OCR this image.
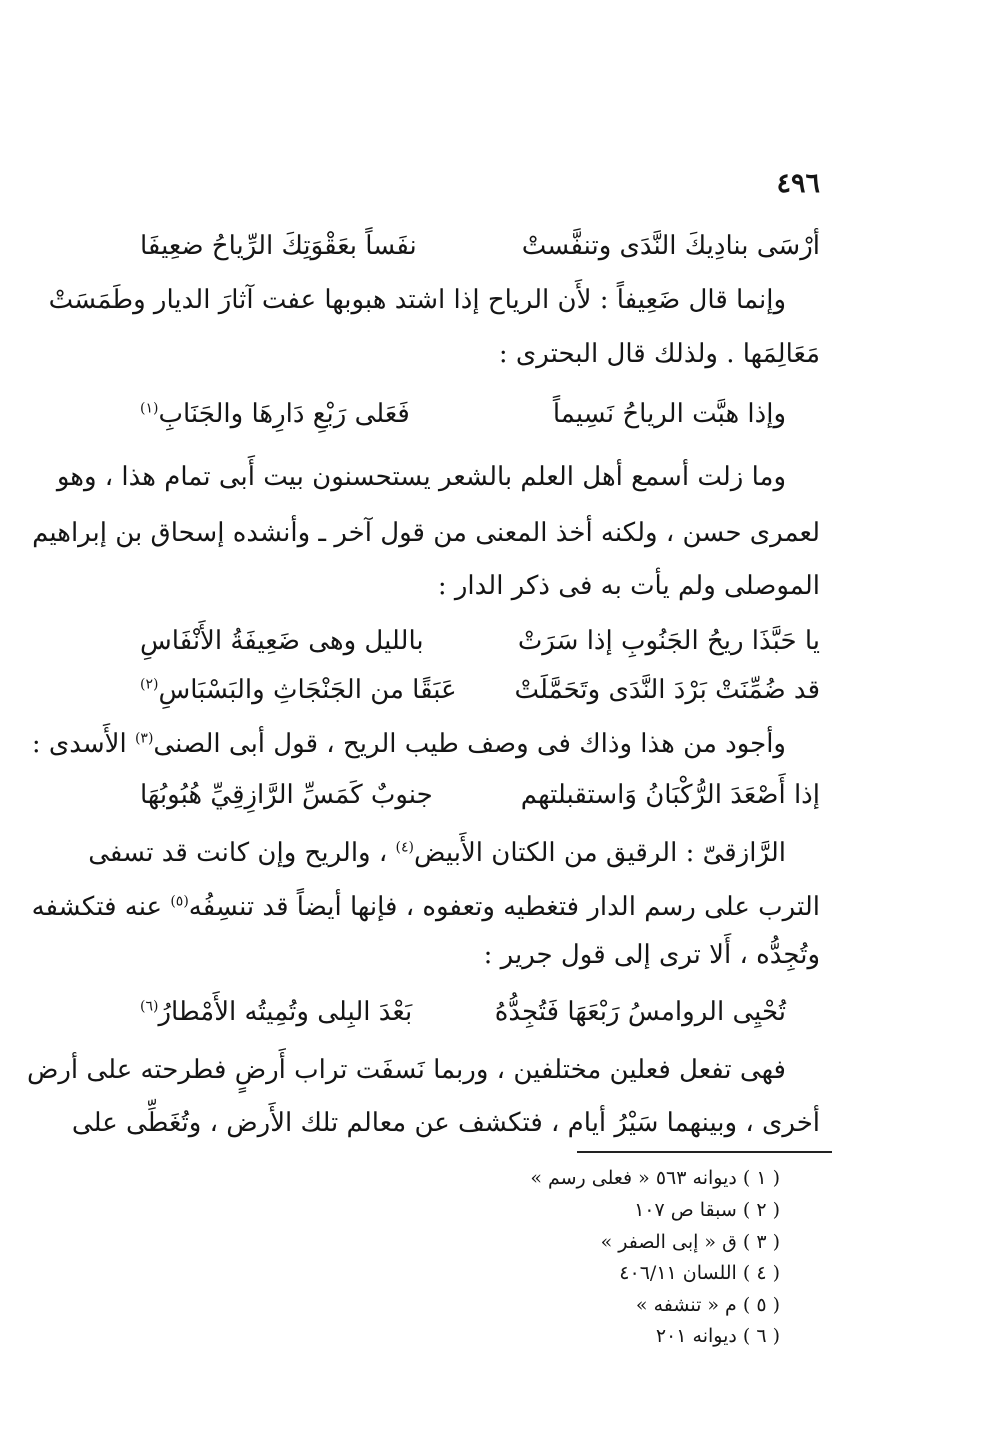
٤٩٦
أرْسَى بنادِيكَ النَّدَى وتنفَّستْ
نفَساً بعَقْوَتِكَ الرِّياحُ ضعِيفَا
وإنما قال ضَعِيفاً : لأَن الرياح إذا اشتد هبوبها عفت آثارَ الديار وطَمَسَتْ
مَعَالِمَها . ولذلك قال البحترى :
وإذا هبَّت الرياحُ نَسِيماً
فَعَلى رَبْعِ دَارِهَا والجَنَابِ$^{(١)}$
وما زلت أسمع أهل العلم بالشعر يستحسنون بيت أَبى تمام هذا ، وهو
لعمرى حسن ، ولكنه أخذ المعنى من قول آخر ـ وأنشده إسحاق بن إبراهيم
الموصلى ولم يأت به فى ذكر الدار :
يا حَبَّذَا ريحُ الجَنُوبِ إذا سَرَتْ
بالليل وهى ضَعِيفَةُ الأَنْفَاسِ
قد ضُمِّنَتْ بَرْدَ النَّدَى وتَحَمَّلَتْ
عَبَقًا من الجَنْجَاثِ والبَسْبَاسِ$^{(٢)}$
وأجود من هذا وذاك فى وصف طيب الريح ، قول أبى الصنى$^{(٣)}$ الأَسدى :
إذا أَصْعَدَ الرُّكْبَانُ وَاستقبلتهم
جنوبٌ كَمَسِّ الرَّازِقِيِّ هُبُوبُهَا
الرَّازقىّ : الرقيق من الكتان الأَبيض$^{(٤)}$ ، والريح وإن كانت قد تسفى
الترب على رسم الدار فتغطيه وتعفوه ، فإنها أيضاً قد تنسِفُه$^{(٥)}$ عنه فتكشفه
وتُجِدُّه ، أَلا ترى إلى قول جرير :
تُحْيِى الروامسُ رَبْعَهَا فَتُجِدُّهُ
بَعْدَ البِلى وتُمِيتُه الأَمْطارُ$^{(٦)}$
فهى تفعل فعلين مختلفين ، وربما نَسفَت تراب أَرضٍ فطرحته على أرض
أخرى ، وبينهما سَيْرُ أيام ، فتكشف عن معالم تلك الأَرض ، وتُغَطِّى على
( ١ ) ديوانه ٥٦٣ « فعلى رسم »
( ٢ ) سبقا ص ١٠٧
( ٣ ) ق « إبى الصفر »
( ٤ ) اللسان ٤٠٦/١١
( ٥ ) م « تنشفه »
( ٦ ) ديوانه ٢٠١
